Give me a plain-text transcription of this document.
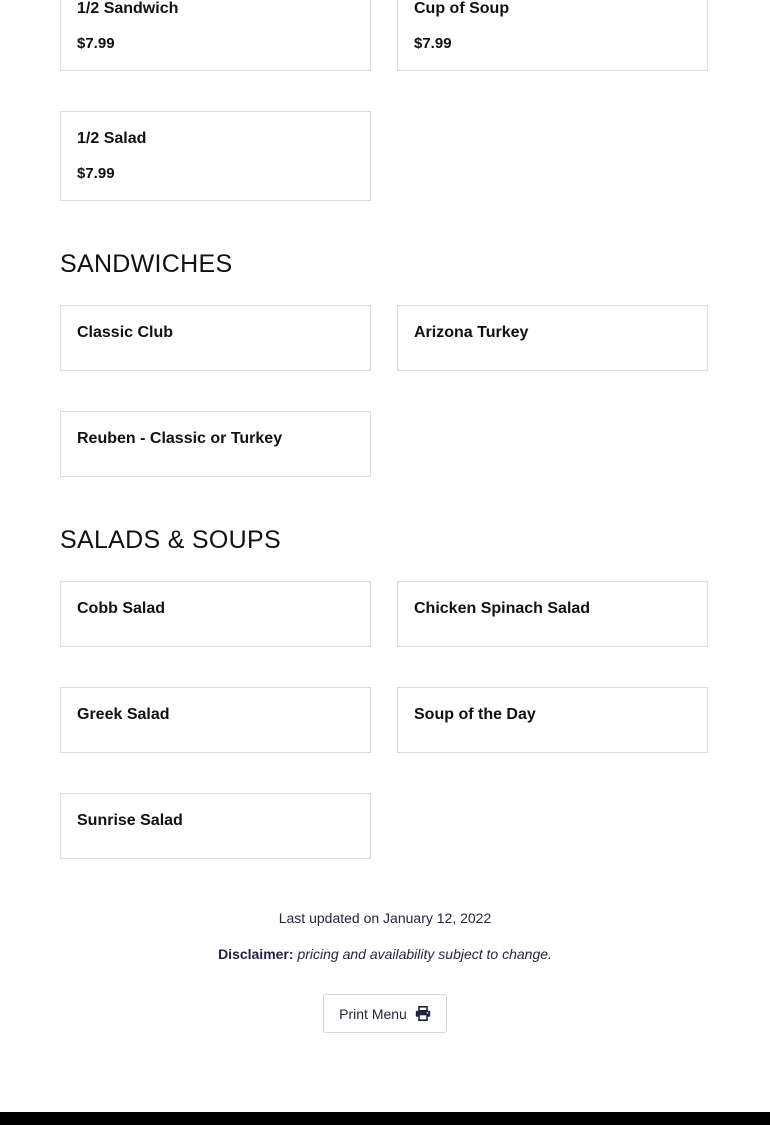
1/2 Sandwich
$7.99
Cup of Soup
$7.99
1/2 Salad
$7.99
SANDWICHES
Classic Club	Arizona Turkey
Reuben - Classic or Turkey
SALADS & SOUPS
Cobb Salad	Chicken Spinach Salad
Greek Salad	Soup of the Day
Sunrise Salad
Last updated on January 12, 2022
Disclaimer: pricing and availability subject to change.
Print Menu
